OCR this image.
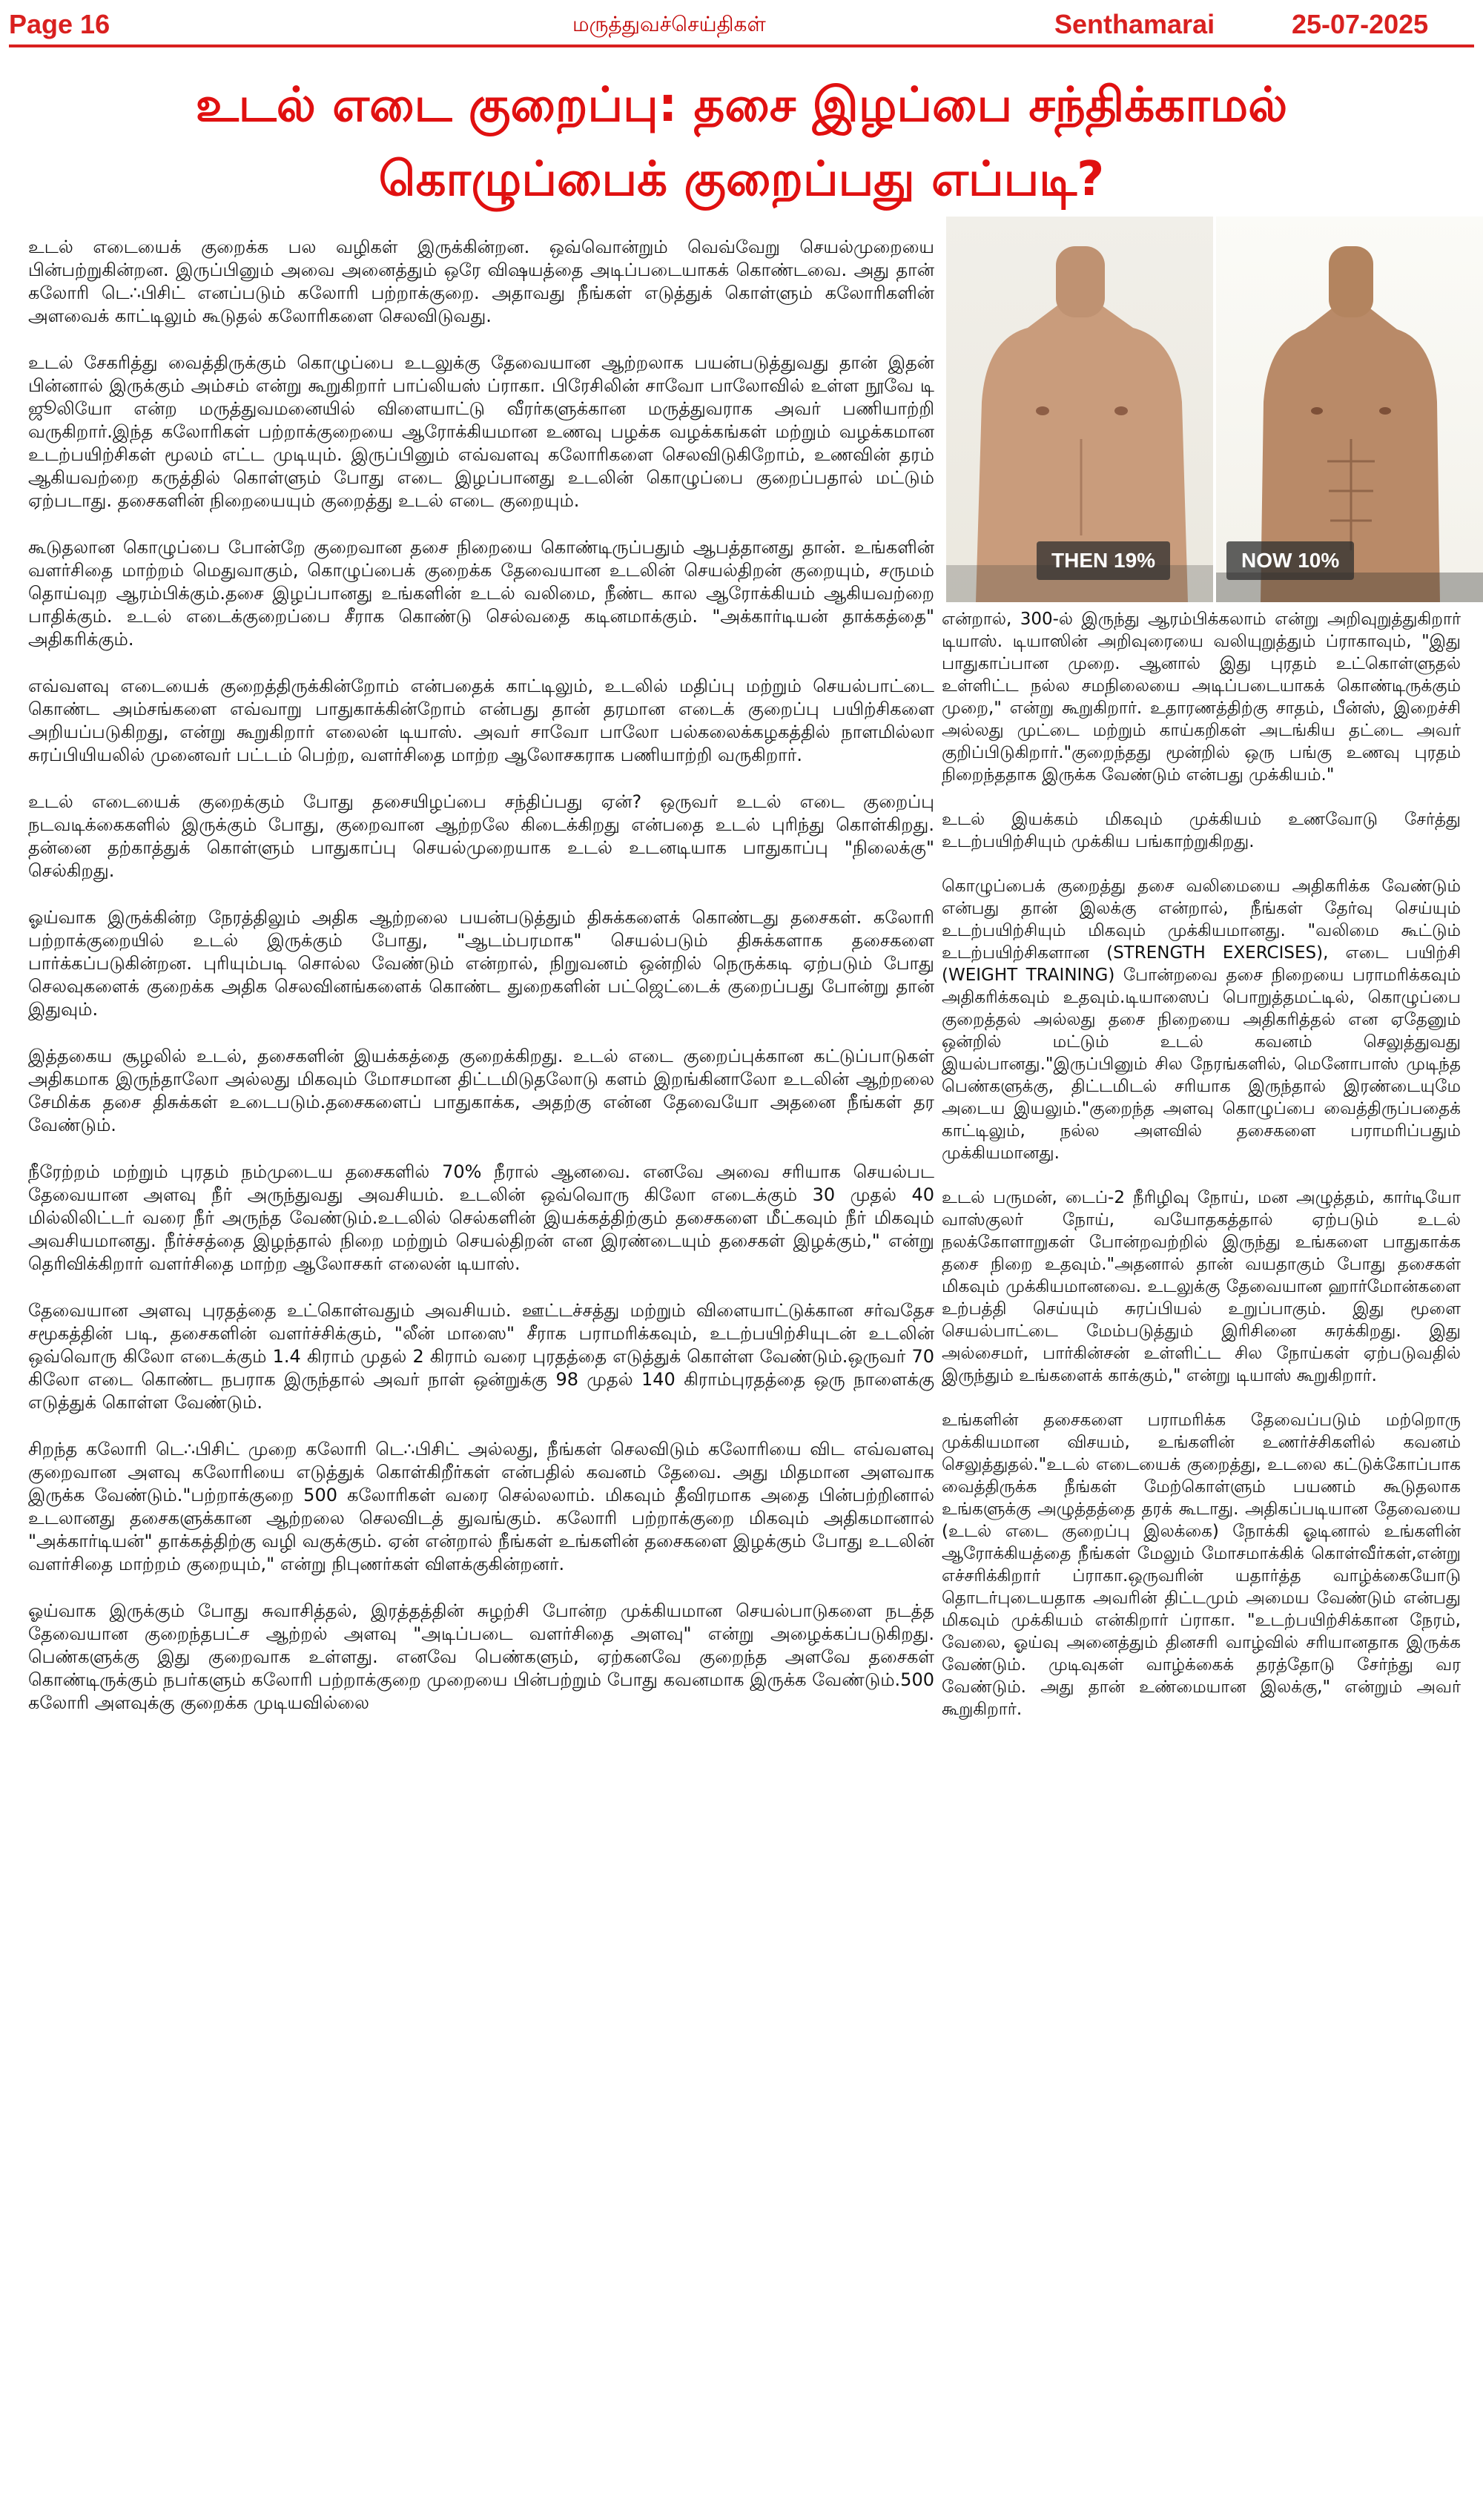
Page 16	மருத்துவச்செய்திகள்	Senthamarai	25-07-2025
உடல் எடை குறைப்பு: தசை இழப்பை சந்திக்காமல்
கொழுப்பைக் குறைப்பது எப்படி?
THEN 19%	NOW 10%

உடல் எடையைக் குறைக்க பல வழிகள் இருக்கின்றன. ஒவ்வொன்றும் வெவ்வேறு செயல்முறையை பின்பற்றுகின்றன. இருப்பினும் அவை அனைத்தும் ஒரே விஷயத்தை அடிப்படையாகக் கொண்டவை. அது தான் கலோரி டெ∴பிசிட் எனப்படும் கலோரி பற்றாக்குறை. அதாவது நீங்கள் எடுத்துக் கொள்ளும் கலோரிகளின் அளவைக் காட்டிலும் கூடுதல் கலோரிகளை செலவிடுவது.

உடல் சேகரித்து வைத்திருக்கும் கொழுப்பை உடலுக்கு தேவையான ஆற்றலாக பயன்படுத்துவது தான் இதன் பின்னால் இருக்கும் அம்சம் என்று கூறுகிறார் பாப்லியஸ் ப்ராகா. பிரேசிலின் சாவோ பாலோவில் உள்ள நூவே டி ஜூலியோ என்ற மருத்துவமனையில் விளையாட்டு வீரர்களுக்கான மருத்துவராக அவர் பணியாற்றி வருகிறார்.இந்த கலோரிகள் பற்றாக்குறையை ஆரோக்கியமான உணவு பழக்க வழக்கங்கள் மற்றும் வழக்கமான உடற்பயிற்சிகள் மூலம் எட்ட முடியும். இருப்பினும் எவ்வளவு கலோரிகளை செலவிடுகிறோம், உணவின் தரம் ஆகியவற்றை கருத்தில் கொள்ளும் போது எடை இழப்பானது உடலின் கொழுப்பை குறைப்பதால் மட்டும் ஏற்படாது. தசைகளின் நிறையையும் குறைத்து உடல் எடை குறையும்.

கூடுதலான கொழுப்பை போன்றே குறைவான தசை நிறையை கொண்டிருப்பதும் ஆபத்தானது தான். உங்களின் வளர்சிதை மாற்றம் மெதுவாகும், கொழுப்பைக் குறைக்க தேவையான உடலின் செயல்திறன் குறையும், சருமம் தொய்வுற ஆரம்பிக்கும்.தசை இழப்பானது உங்களின் உடல் வலிமை, நீண்ட கால ஆரோக்கியம் ஆகியவற்றை பாதிக்கும். உடல் எடைக்குறைப்பை சீராக கொண்டு செல்வதை கடினமாக்கும். "அக்கார்டியன் தாக்கத்தை" அதிகரிக்கும்.

எவ்வளவு எடையைக் குறைத்திருக்கின்றோம் என்பதைக் காட்டிலும், உடலில் மதிப்பு மற்றும் செயல்பாட்டை கொண்ட அம்சங்களை எவ்வாறு பாதுகாக்கின்றோம் என்பது தான் தரமான எடைக் குறைப்பு பயிற்சிகளை அறியப்படுகிறது, என்று கூறுகிறார் எலைன் டியாஸ். அவர் சாவோ பாலோ பல்கலைக்கழகத்தில் நாளமில்லா சுரப்பியியலில் முனைவர் பட்டம் பெற்ற, வளர்சிதை மாற்ற ஆலோசகராக பணியாற்றி வருகிறார்.

உடல் எடையைக் குறைக்கும் போது தசையிழப்பை சந்திப்பது ஏன்? ஒருவர் உடல் எடை குறைப்பு நடவடிக்கைகளில் இருக்கும் போது, குறைவான ஆற்றலே கிடைக்கிறது என்பதை உடல் புரிந்து கொள்கிறது. தன்னை தற்காத்துக் கொள்ளும் பாதுகாப்பு செயல்முறையாக உடல் உடனடியாக பாதுகாப்பு "நிலைக்கு" செல்கிறது.

ஓய்வாக இருக்கின்ற நேரத்திலும் அதிக ஆற்றலை பயன்படுத்தும் திசுக்களைக் கொண்டது தசைகள். கலோரி பற்றாக்குறையில் உடல் இருக்கும் போது, "ஆடம்பரமாக" செயல்படும் திசுக்களாக தசைகளை பார்க்கப்படுகின்றன. புரியும்படி சொல்ல வேண்டும் என்றால், நிறுவனம் ஒன்றில் நெருக்கடி ஏற்படும் போது செலவுகளைக் குறைக்க அதிக செலவினங்களைக் கொண்ட துறைகளின் பட்ஜெட்டைக் குறைப்பது போன்று தான் இதுவும்.

இத்தகைய சூழலில் உடல், தசைகளின் இயக்கத்தை குறைக்கிறது. உடல் எடை குறைப்புக்கான கட்டுப்பாடுகள் அதிகமாக இருந்தாலோ அல்லது மிகவும் மோசமான திட்டமிடுதலோடு களம் இறங்கினாலோ உடலின் ஆற்றலை சேமிக்க தசை திசுக்கள் உடைபடும்.தசைகளைப் பாதுகாக்க, அதற்கு என்ன தேவையோ அதனை நீங்கள் தர வேண்டும்.

நீரேற்றம் மற்றும் புரதம் நம்முடைய தசைகளில் 70% நீரால் ஆனவை. எனவே அவை சரியாக செயல்பட தேவையான அளவு நீர் அருந்துவது அவசியம். உடலின் ஒவ்வொரு கிலோ எடைக்கும் 30 முதல் 40 மில்லிலிட்டர் வரை நீர் அருந்த வேண்டும்.உடலில் செல்களின் இயக்கத்திற்கும் தசைகளை மீட்கவும் நீர் மிகவும் அவசியமானது. நீர்ச்சத்தை இழந்தால் நிறை மற்றும் செயல்திறன் என இரண்டையும் தசைகள் இழக்கும்," என்று தெரிவிக்கிறார் வளர்சிதை மாற்ற ஆலோசகர் எலைன் டியாஸ்.

தேவையான அளவு புரதத்தை உட்கொள்வதும் அவசியம். ஊட்டச்சத்து மற்றும் விளையாட்டுக்கான சர்வதேச சமூகத்தின் படி, தசைகளின் வளர்ச்சிக்கும், "லீன் மாஸை" சீராக பராமரிக்கவும், உடற்பயிற்சியுடன் உடலின் ஒவ்வொரு கிலோ எடைக்கும் 1.4 கிராம் முதல் 2 கிராம் வரை புரதத்தை எடுத்துக் கொள்ள வேண்டும்.ஒருவர் 70 கிலோ எடை கொண்ட நபராக இருந்தால் அவர் நாள் ஒன்றுக்கு 98 முதல் 140 கிராம்புரதத்தை ஒரு நாளைக்கு எடுத்துக் கொள்ள வேண்டும்.

சிறந்த கலோரி டெ∴பிசிட் முறை கலோரி டெ∴பிசிட் அல்லது, நீங்கள் செலவிடும் கலோரியை விட எவ்வளவு குறைவான அளவு கலோரியை எடுத்துக் கொள்கிறீர்கள் என்பதில் கவனம் தேவை. அது மிதமான அளவாக இருக்க வேண்டும்."பற்றாக்குறை 500 கலோரிகள் வரை செல்லலாம். மிகவும் தீவிரமாக அதை பின்பற்றினால் உடலானது தசைகளுக்கான ஆற்றலை செலவிடத் துவங்கும். கலோரி பற்றாக்குறை மிகவும் அதிகமானால் "அக்கார்டியன்" தாக்கத்திற்கு வழி வகுக்கும். ஏன் என்றால் நீங்கள் உங்களின் தசைகளை இழக்கும் போது உடலின் வளர்சிதை மாற்றம் குறையும்," என்று நிபுணர்கள் விளக்குகின்றனர்.

ஓய்வாக இருக்கும் போது சுவாசித்தல், இரத்தத்தின் சுழற்சி போன்ற முக்கியமான செயல்பாடுகளை நடத்த தேவையான குறைந்தபட்ச ஆற்றல் அளவு "அடிப்படை வளர்சிதை அளவு" என்று அழைக்கப்படுகிறது. பெண்களுக்கு இது குறைவாக உள்ளது. எனவே பெண்களும், ஏற்கனவே குறைந்த அளவே தசைகள் கொண்டிருக்கும் நபர்களும் கலோரி பற்றாக்குறை முறையை பின்பற்றும் போது கவனமாக இருக்க வேண்டும்.500 கலோரி அளவுக்கு குறைக்க முடியவில்லை

என்றால், 300-ல் இருந்து ஆரம்பிக்கலாம் என்று அறிவுறுத்துகிறார் டியாஸ். டியாஸின் அறிவுரையை வலியுறுத்தும் ப்ராகாவும், "இது பாதுகாப்பான முறை. ஆனால் இது புரதம் உட்கொள்ளுதல் உள்ளிட்ட நல்ல சமநிலையை அடிப்படையாகக் கொண்டிருக்கும் முறை," என்று கூறுகிறார். உதாரணத்திற்கு சாதம், பீன்ஸ், இறைச்சி அல்லது முட்டை மற்றும் காய்கறிகள் அடங்கிய தட்டை அவர் குறிப்பிடுகிறார்."குறைந்தது மூன்றில் ஒரு பங்கு உணவு புரதம் நிறைந்ததாக இருக்க வேண்டும் என்பது முக்கியம்."

உடல் இயக்கம் மிகவும் முக்கியம் உணவோடு சேர்த்து உடற்பயிற்சியும் முக்கிய பங்காற்றுகிறது.

கொழுப்பைக் குறைத்து தசை வலிமையை அதிகரிக்க வேண்டும் என்பது தான் இலக்கு என்றால், நீங்கள் தேர்வு செய்யும் உடற்பயிற்சியும் மிகவும் முக்கியமானது. "வலிமை கூட்டும் உடற்பயிற்சிகளான (STRENGTH EXERCISES), எடை பயிற்சி (WEIGHT TRAINING) போன்றவை தசை நிறையை பராமரிக்கவும் அதிகரிக்கவும் உதவும்.டியாஸைப் பொறுத்தமட்டில், கொழுப்பை குறைத்தல் அல்லது தசை நிறையை அதிகரித்தல் என ஏதேனும் ஒன்றில் மட்டும் உடல் கவனம் செலுத்துவது இயல்பானது."இருப்பினும் சில நேரங்களில், மெனோபாஸ் முடிந்த பெண்களுக்கு, திட்டமிடல் சரியாக இருந்தால் இரண்டையுமே அடைய இயலும்."குறைந்த அளவு கொழுப்பை வைத்திருப்பதைக் காட்டிலும், நல்ல அளவில் தசைகளை பராமரிப்பதும் முக்கியமானது.

உடல் பருமன், டைப்-2 நீரிழிவு நோய், மன அழுத்தம், கார்டியோ வாஸ்குலர் நோய், வயோதகத்தால் ஏற்படும் உடல் நலக்கோளாறுகள் போன்றவற்றில் இருந்து உங்களை பாதுகாக்க தசை நிறை உதவும்."அதனால் தான் வயதாகும் போது தசைகள் மிகவும் முக்கியமானவை. உடலுக்கு தேவையான ஹார்மோன்களை உற்பத்தி செய்யும் சுரப்பியல் உறுப்பாகும். இது மூளை செயல்பாட்டை மேம்படுத்தும் இரிசினை சுரக்கிறது. இது அல்சைமர், பார்கின்சன் உள்ளிட்ட சில நோய்கள் ஏற்படுவதில் இருந்தும் உங்களைக் காக்கும்," என்று டியாஸ் கூறுகிறார்.

உங்களின் தசைகளை பராமரிக்க தேவைப்படும் மற்றொரு முக்கியமான விசயம், உங்களின் உணர்ச்சிகளில் கவனம் செலுத்துதல்."உடல் எடையைக் குறைத்து, உடலை கட்டுக்கோப்பாக வைத்திருக்க நீங்கள் மேற்கொள்ளும் பயணம் கூடுதலாக உங்களுக்கு அழுத்தத்தை தரக் கூடாது. அதிகப்படியான தேவையை (உடல் எடை குறைப்பு இலக்கை) நோக்கி ஓடினால் உங்களின் ஆரோக்கியத்தை நீங்கள் மேலும் மோசமாக்கிக் கொள்வீர்கள்,என்று எச்சரிக்கிறார் ப்ராகா.ஒருவரின் யதார்த்த வாழ்க்கையோடு தொடர்புடையதாக அவரின் திட்டமும் அமைய வேண்டும் என்பது மிகவும் முக்கியம் என்கிறார் ப்ராகா. "உடற்பயிற்சிக்கான நேரம், வேலை, ஓய்வு அனைத்தும் தினசரி வாழ்வில் சரியானதாக இருக்க வேண்டும். முடிவுகள் வாழ்க்கைக் தரத்தோடு சேர்ந்து வர வேண்டும். அது தான் உண்மையான இலக்கு," என்றும் அவர் கூறுகிறார்.
